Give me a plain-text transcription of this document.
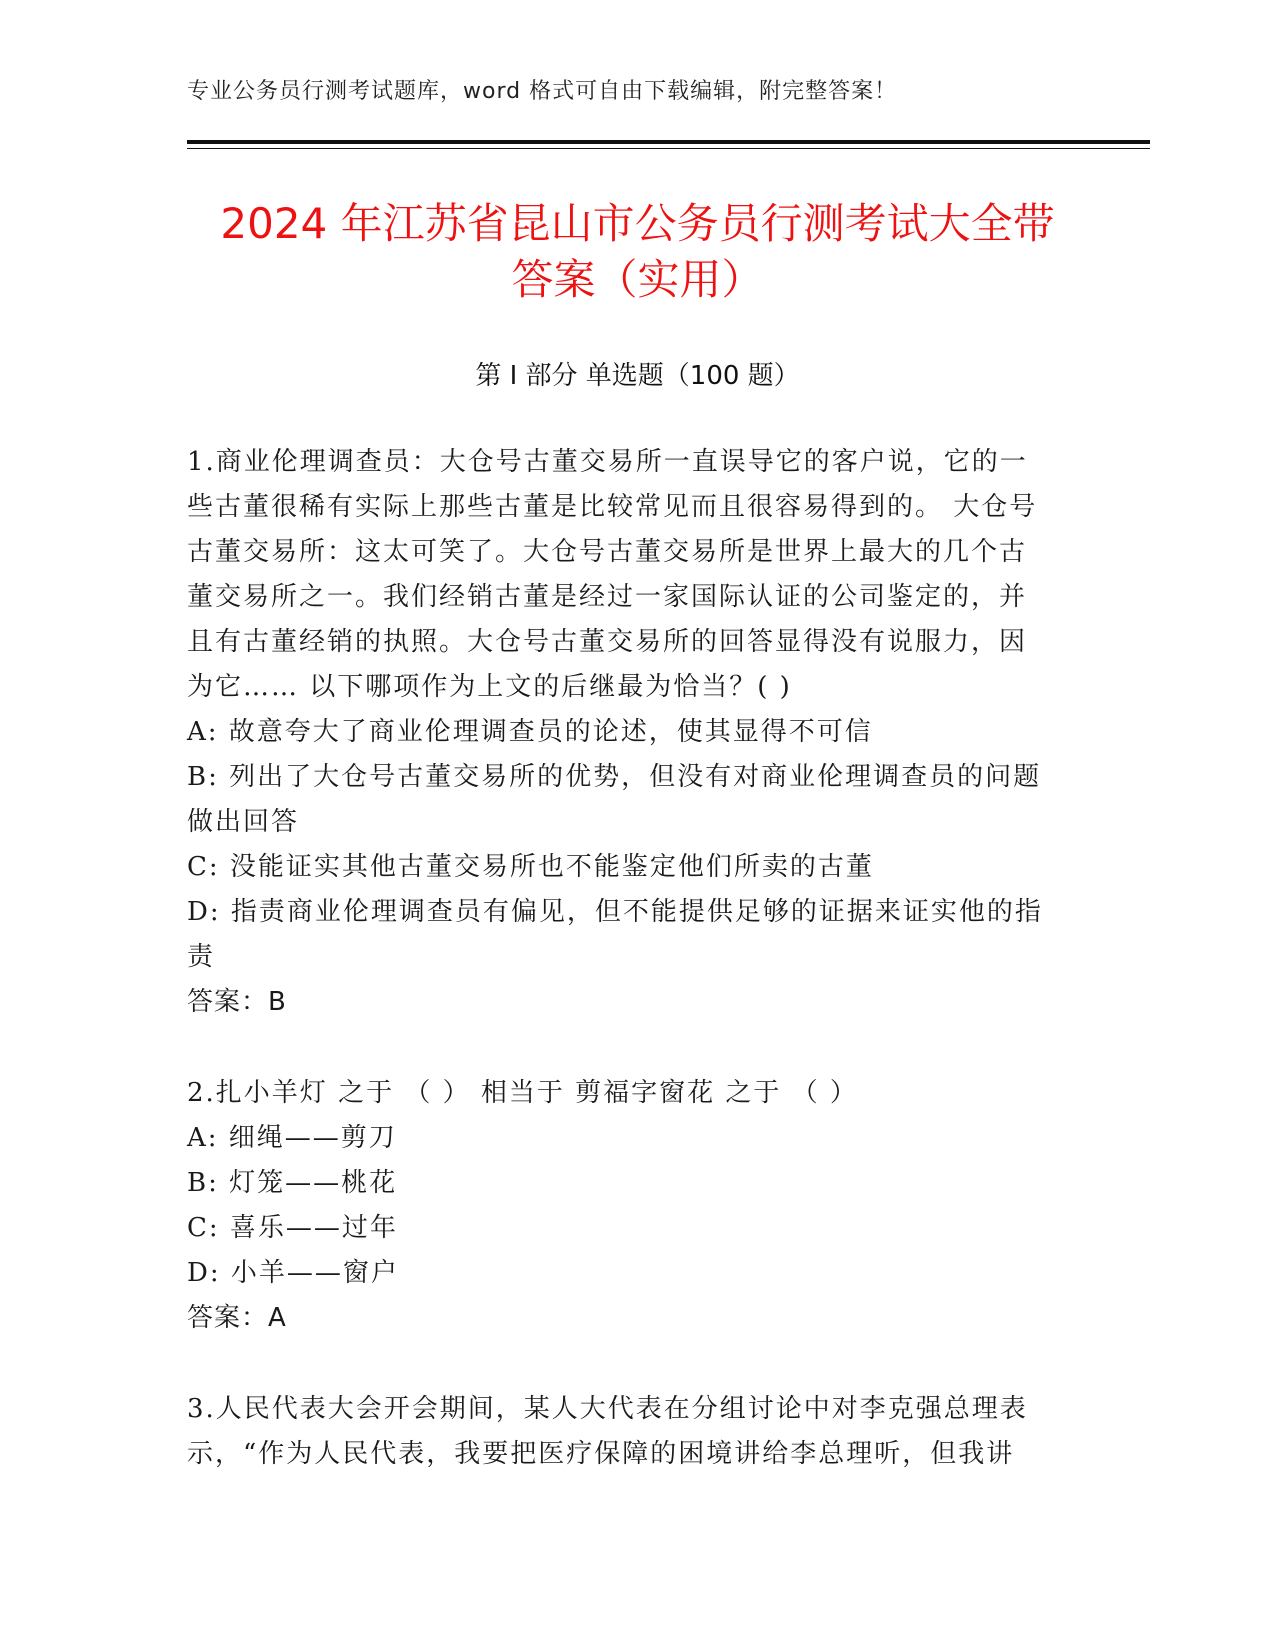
专业公务员行测考试题库，word 格式可自由下载编辑，附完整答案！
2024 年江苏省昆山市公务员行测考试大全带
答案（实用）
第 I 部分 单选题（100 题）
1.商业伦理调查员：大仓号古董交易所一直误导它的客户说，它的一
些古董很稀有实际上那些古董是比较常见而且很容易得到的。 大仓号
古董交易所：这太可笑了。大仓号古董交易所是世界上最大的几个古
董交易所之一。我们经销古董是经过一家国际认证的公司鉴定的，并
且有古董经销的执照。大仓号古董交易所的回答显得没有说服力，因
为它…… 以下哪项作为上文的后继最为恰当？( )
A: 故意夸大了商业伦理调查员的论述，使其显得不可信
B: 列出了大仓号古董交易所的优势，但没有对商业伦理调查员的问题
做出回答
C: 没能证实其他古董交易所也不能鉴定他们所卖的古董
D: 指责商业伦理调查员有偏见，但不能提供足够的证据来证实他的指
责
答案：B
2.扎小羊灯 之于 （ ） 相当于 剪福字窗花 之于 （ ）
A: 细绳——剪刀
B: 灯笼——桃花
C: 喜乐——过年
D: 小羊——窗户
答案：A
3.人民代表大会开会期间，某人大代表在分组讨论中对李克强总理表
示，“作为人民代表，我要把医疗保障的困境讲给李总理听，但我讲
